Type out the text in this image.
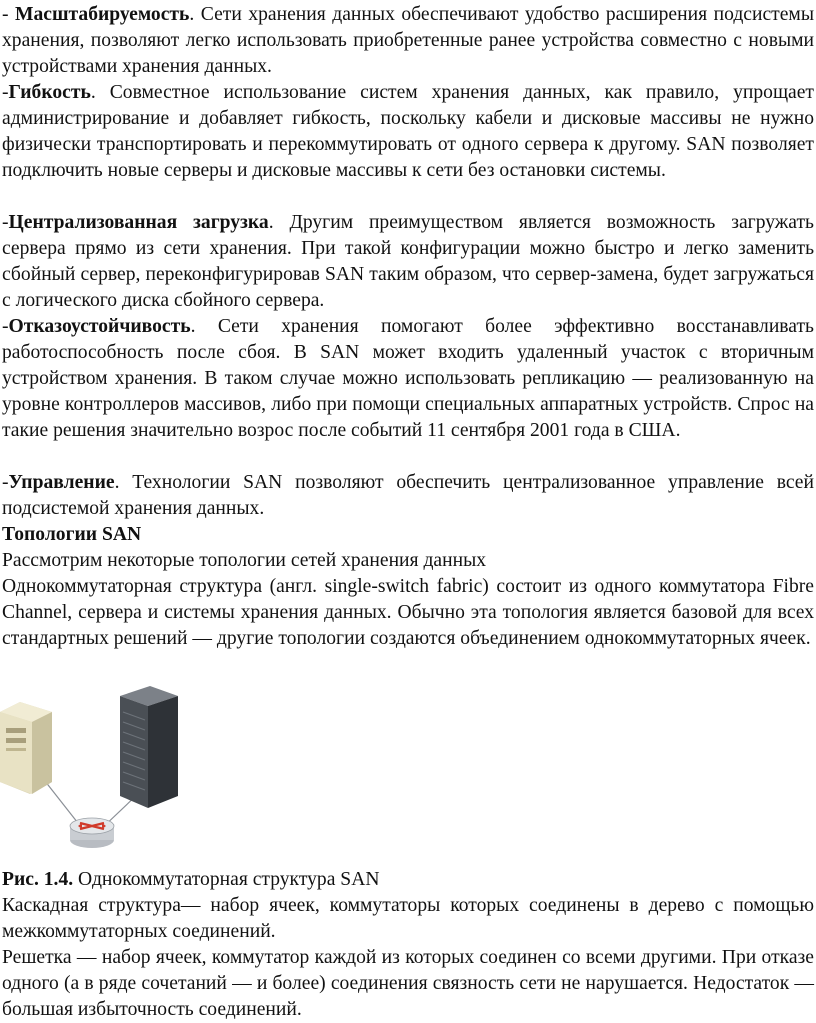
- Масштабируемость. Сети хранения данных обеспечивают удобство расширения подсистемы хранения, позволяют легко использовать приобретенные ранее устройства совместно с новыми устройствами хранения данных.

-Гибкость. Совместное использование систем хранения данных, как правило, упрощает администрирование и добавляет гибкость, поскольку кабели и дисковые массивы не нужно физически транспортировать и перекоммутировать от одного сервера к другому. SAN позволяет подключить новые серверы и дисковые массивы к сети без остановки системы.

-Централизованная загрузка. Другим преимуществом является возможность загружать сервера прямо из сети хранения. При такой конфигурации можно быстро и легко заменить сбойный сервер, переконфигурировав SAN таким образом, что сервер-замена, будет загружаться с логического диска сбойного сервера.

-Отказоустойчивость. Сети хранения помогают более эффективно восстанавливать работоспособность после сбоя. В SAN может входить удаленный участок с вторичным устройством хранения. В таком случае можно использовать репликацию — реализованную на уровне контроллеров массивов, либо при помощи специальных аппаратных устройств. Спрос на такие решения значительно возрос после событий 11 сентября 2001 года в США.

-Управление. Технологии SAN позволяют обеспечить централизованное управление всей подсистемой хранения данных.

Топологии SAN

Рассмотрим некоторые топологии сетей хранения данных

Однокоммутаторная структура (англ. single-switch fabric) состоит из одного коммутатора Fibre Channel, сервера и системы хранения данных. Обычно эта топология является базовой для всех стандартных решений — другие топологии создаются объединением однокоммутаторных ячеек.

Рис. 1.4. Однокоммутаторная структура SAN

Каскадная структура— набор ячеек, коммутаторы которых соединены в дерево с помощью межкоммутаторных соединений.

Решетка — набор ячеек, коммутатор каждой из которых соединен со всеми другими. При отказе одного (а в ряде сочетаний — и более) соединения связность сети не нарушается. Недостаток — большая избыточность соединений.
